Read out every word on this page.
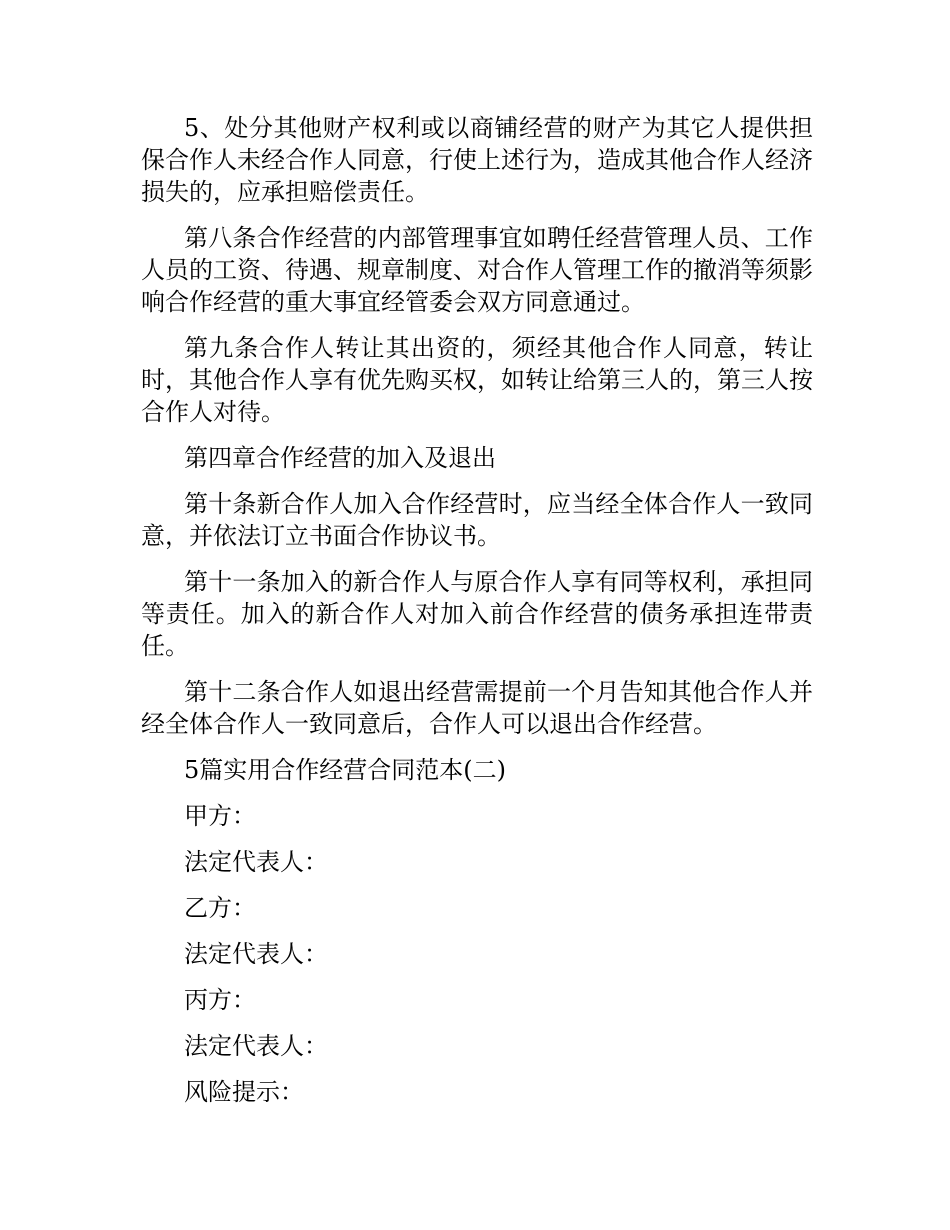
5、处分其他财产权利或以商铺经营的财产为其它人提供担保合作人未经合作人同意，行使上述行为，造成其他合作人经济损失的，应承担赔偿责任。

第八条合作经营的内部管理事宜如聘任经营管理人员、工作人员的工资、待遇、规章制度、对合作人管理工作的撤消等须影响合作经营的重大事宜经管委会双方同意通过。

第九条合作人转让其出资的，须经其他合作人同意，转让时，其他合作人享有优先购买权，如转让给第三人的，第三人按合作人对待。

第四章合作经营的加入及退出

第十条新合作人加入合作经营时，应当经全体合作人一致同意，并依法订立书面合作协议书。

第十一条加入的新合作人与原合作人享有同等权利，承担同等责任。加入的新合作人对加入前合作经营的债务承担连带责任。

第十二条合作人如退出经营需提前一个月告知其他合作人并经全体合作人一致同意后，合作人可以退出合作经营。

5篇实用合作经营合同范本(二)

甲方：

法定代表人：

乙方：

法定代表人：

丙方：

法定代表人：

风险提示：
